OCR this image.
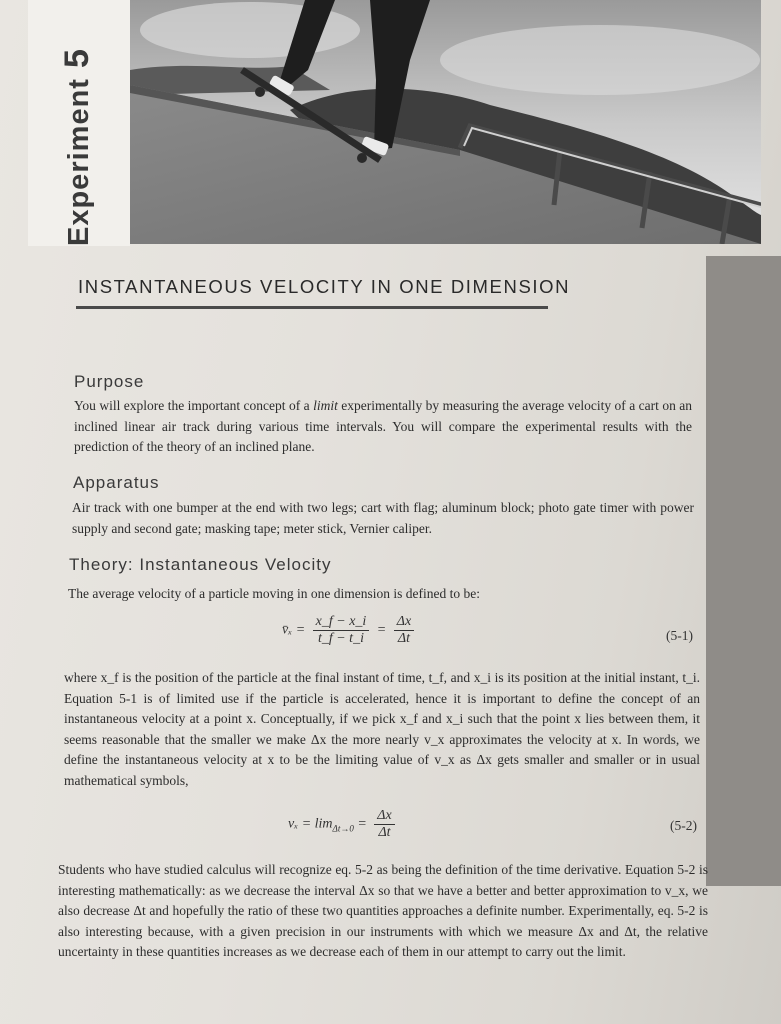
Experiment5
INSTANTANEOUS VELOCITY IN ONE DIMENSION
Purpose
You will explore the important concept of a limit experimentally by measuring the average velocity of a cart on an inclined linear air track during various time intervals. You will compare the experimental results with the prediction of the theory of an inclined plane.
Apparatus
Air track with one bumper at the end with two legs; cart with flag; aluminum block; photo gate timer with power supply and second gate; masking tape; meter stick, Vernier caliper.
Theory: Instantaneous Velocity
The average velocity of a particle moving in one dimension is defined to be:
v̄ₓ = $\frac{x\_f - x\_i}{t\_f - t\_i} = \frac{\Delta x}{\Delta t}$	(5-1)
where x_f is the position of the particle at the final instant of time, t_f, and x_i is its position at the initial instant, t_i. Equation 5-1 is of limited use if the particle is accelerated, hence it is important to define the concept of an instantaneous velocity at a point x. Conceptually, if we pick x_f and x_i such that the point x lies between them, it seems reasonable that the smaller we make Δx the more nearly v_x approximates the velocity at x. In words, we define the instantaneous velocity at x to be the limiting value of v_x as Δx gets smaller and smaller or in usual mathematical symbols,
$v_x = \lim_{\Delta t\to 0} = \frac{\Delta x}{\Delta t}$	(5-2)
Students who have studied calculus will recognize eq. 5-2 as being the definition of the time derivative. Equation 5-2 is interesting mathematically: as we decrease the interval Δx so that we have a better and better approximation to v_x, we also decrease Δt and hopefully the ratio of these two quantities approaches a definite number. Experimentally, eq. 5-2 is also interesting because, with a given precision in our instruments with which we measure Δx and Δt, the relative uncertainty in these quantities increases as we decrease each of them in our attempt to carry out the limit.
